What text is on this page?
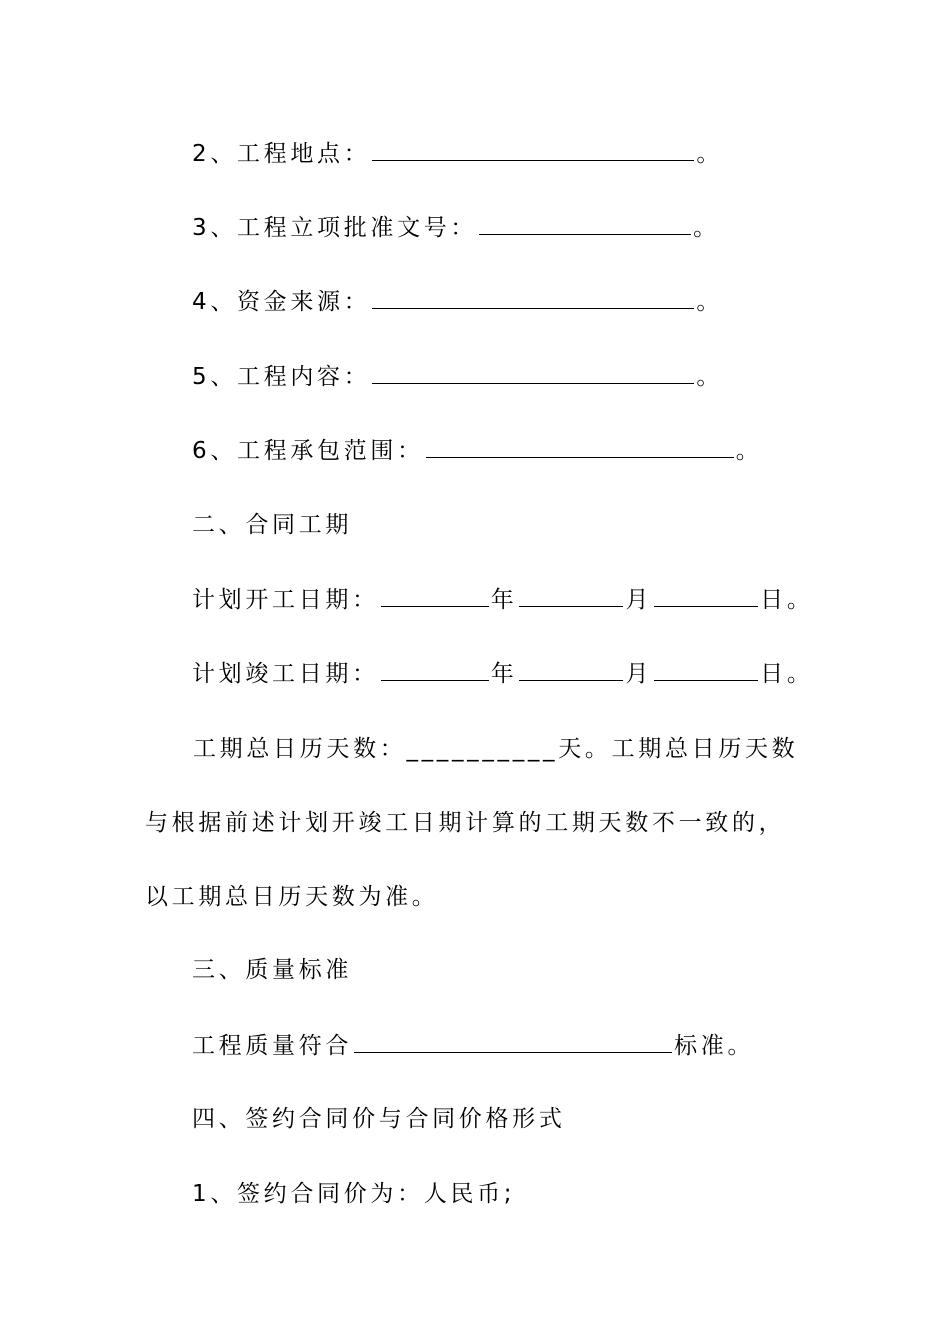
2、工程地点：	。
3、工程立项批准文号：	。
4、资金来源：	。
5、工程内容：	。
6、工程承包范围：	。
二、合同工期
计划开工日期：	年	月	日。
计划竣工日期：	年	月	日。
工期总日历天数：__________天。工期总日历天数与根据前述计划开竣工日期计算的工期天数不一致的，以工期总日历天数为准。
三、质量标准
工程质量符合	标准。
四、签约合同价与合同价格形式
1、签约合同价为：人民币;
